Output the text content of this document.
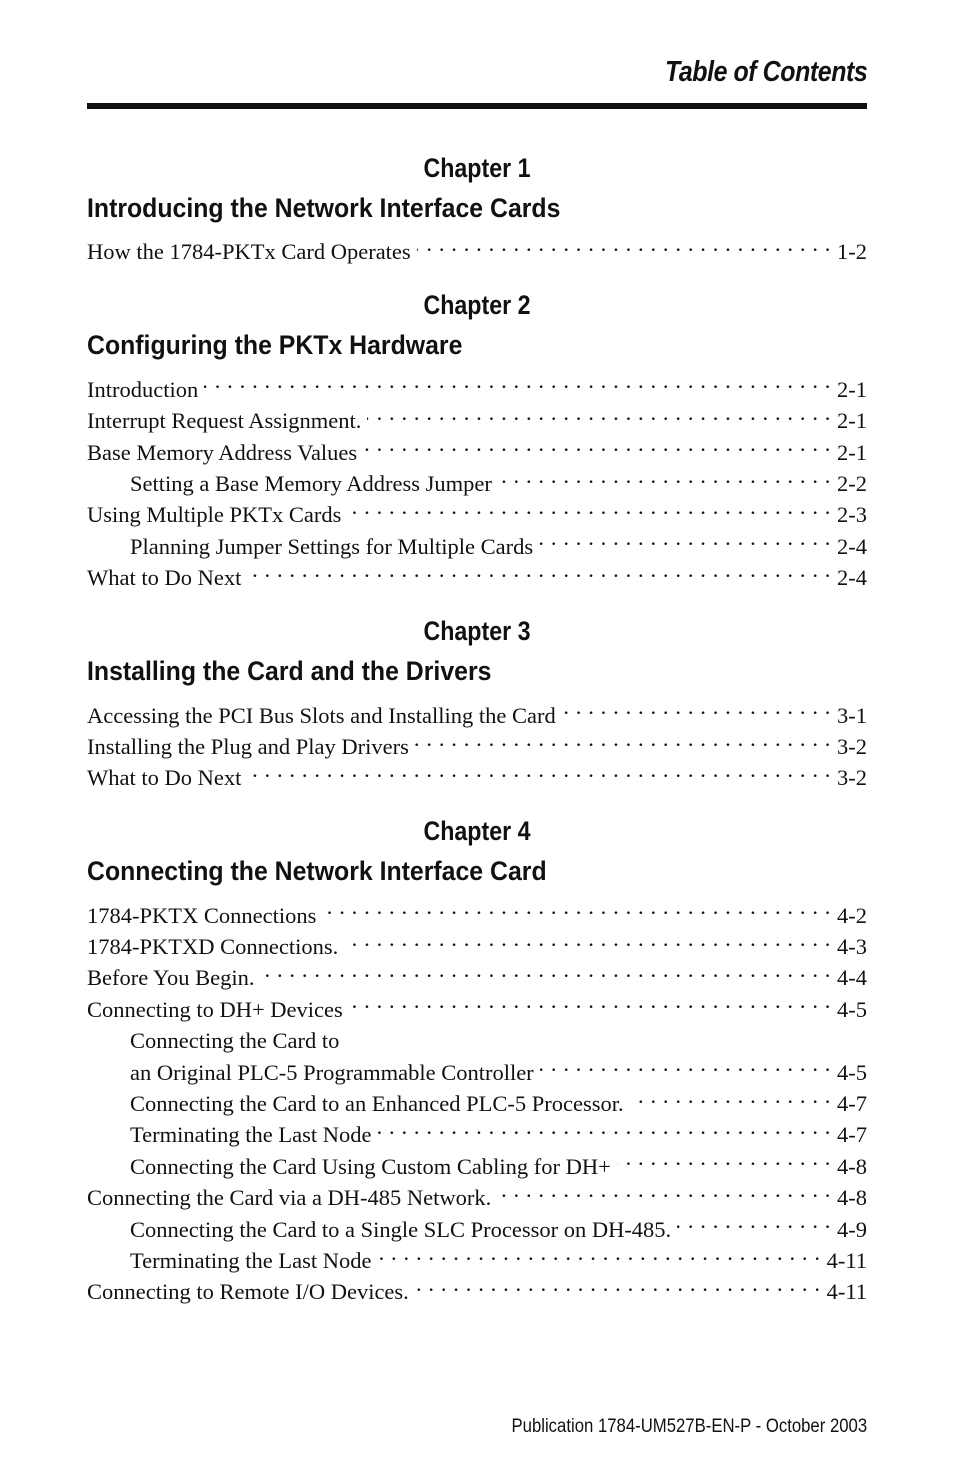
Table of Contents
Chapter 1
Introducing the Network Interface Cards
How the 1784-PKTx Card Operates . . .	1-2
Chapter 2
Configuring the PKTx Hardware
Introduction . . .	2-1
Interrupt Request Assignment. . . .	2-1
Base Memory Address Values . . .	2-1
Setting a Base Memory Address Jumper . . .	2-2
Using Multiple PKTx Cards . . .	2-3
Planning Jumper Settings for Multiple Cards . . .	2-4
What to Do Next . . .	2-4
Chapter 3
Installing the Card and the Drivers
Accessing the PCI Bus Slots and Installing the Card . . .	3-1
Installing the Plug and Play Drivers . . .	3-2
What to Do Next . . .	3-2
Chapter 4
Connecting the Network Interface Card
1784-PKTX Connections . . .	4-2
1784-PKTXD Connections. . . .	4-3
Before You Begin. . . .	4-4
Connecting to DH+ Devices . . .	4-5
Connecting the Card to
an Original PLC-5 Programmable Controller . . .	4-5
Connecting the Card to an Enhanced PLC-5 Processor. . . .	4-7
Terminating the Last Node . . .	4-7
Connecting the Card Using Custom Cabling for DH+ . . .	4-8
Connecting the Card via a DH-485 Network. . . .	4-8
Connecting the Card to a Single SLC Processor on DH-485. . . .	4-9
Terminating the Last Node . . .	4-11
Connecting to Remote I/O Devices. . . .	4-11
Publication 1784-UM527B-EN-P - October 2003
